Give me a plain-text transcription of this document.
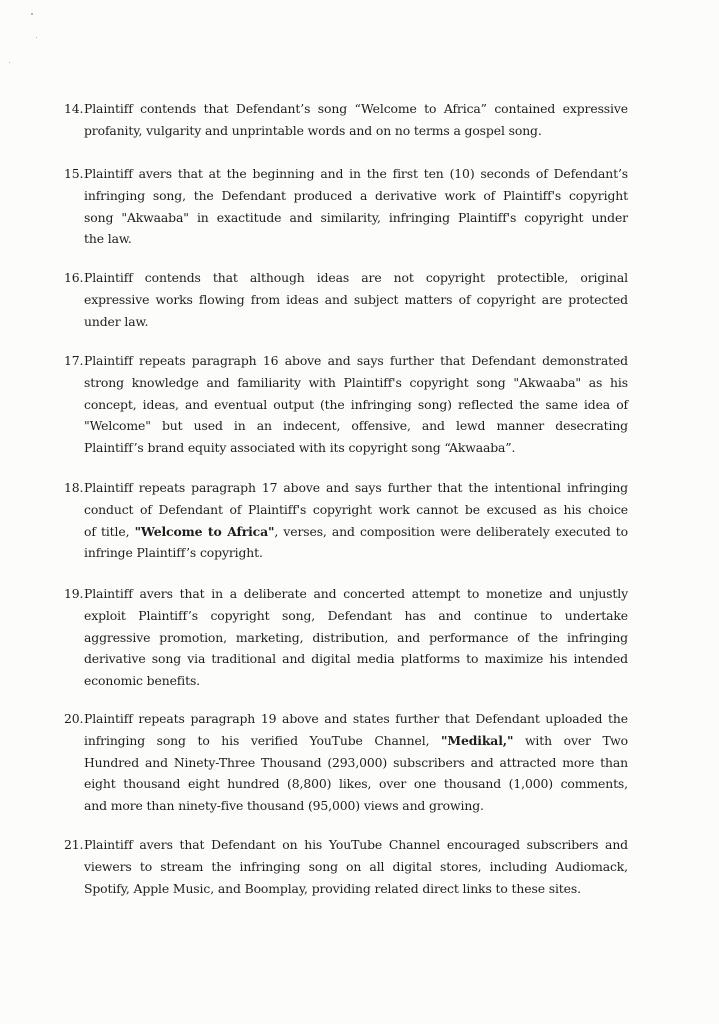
14.Plaintiff contends that Defendant’s song “Welcome to Africa” contained expressive
profanity, vulgarity and unprintable words and on no terms a gospel song.
15.Plaintiff avers that at the beginning and in the first ten (10) seconds of Defendant’s
infringing song, the Defendant produced a derivative work of Plaintiff's copyright
song "Akwaaba" in exactitude and similarity, infringing Plaintiff's copyright under
the law.
16.Plaintiff contends that although ideas are not copyright protectible, original
expressive works flowing from ideas and subject matters of copyright are protected
under law.
17.Plaintiff repeats paragraph 16 above and says further that Defendant demonstrated
strong knowledge and familiarity with Plaintiff's copyright song "Akwaaba" as his
concept, ideas, and eventual output (the infringing song) reflected the same idea of
"Welcome" but used in an indecent, offensive, and lewd manner desecrating
Plaintiff’s brand equity associated with its copyright song “Akwaaba”.
18.Plaintiff repeats paragraph 17 above and says further that the intentional infringing
conduct of Defendant of Plaintiff's copyright work cannot be excused as his choice
of title, "Welcome to Africa", verses, and composition were deliberately executed to
infringe Plaintiff’s copyright.
19.Plaintiff avers that in a deliberate and concerted attempt to monetize and unjustly
exploit Plaintiff’s copyright song, Defendant has and continue to undertake
aggressive promotion, marketing, distribution, and performance of the infringing
derivative song via traditional and digital media platforms to maximize his intended
economic benefits.
20.Plaintiff repeats paragraph 19 above and states further that Defendant uploaded the
infringing song to his verified YouTube Channel, "Medikal," with over Two
Hundred and Ninety-Three Thousand (293,000) subscribers and attracted more than
eight thousand eight hundred (8,800) likes, over one thousand (1,000) comments,
and more than ninety-five thousand (95,000) views and growing.
21.Plaintiff avers that Defendant on his YouTube Channel encouraged subscribers and
viewers to stream the infringing song on all digital stores, including Audiomack,
Spotify, Apple Music, and Boomplay, providing related direct links to these sites.
